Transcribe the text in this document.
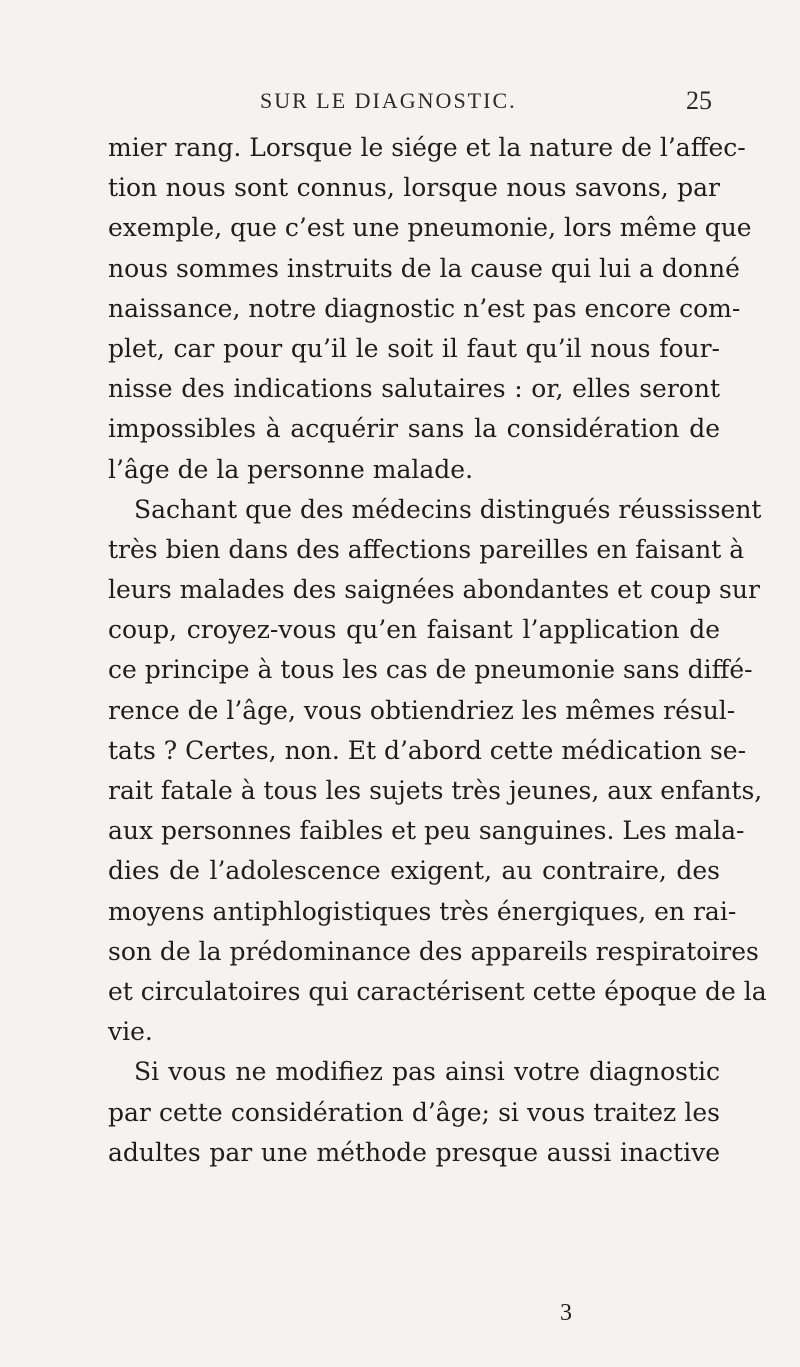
SUR LE DIAGNOSTIC.	25
mier rang. Lorsque le siége et la nature de l’affec-
tion nous sont connus, lorsque nous savons, par
exemple, que c’est une pneumonie, lors même que
nous sommes instruits de la cause qui lui a donné
naissance, notre diagnostic n’est pas encore com-
plet, car pour qu’il le soit il faut qu’il nous four-
nisse des indications salutaires : or, elles seront
impossibles à acquérir sans la considération de
l’âge de la personne malade.
Sachant que des médecins distingués réussissent
très bien dans des affections pareilles en faisant à
leurs malades des saignées abondantes et coup sur
coup, croyez-vous qu’en faisant l’application de
ce principe à tous les cas de pneumonie sans diffé-
rence de l’âge, vous obtiendriez les mêmes résul-
tats ? Certes, non. Et d’abord cette médication se-
rait fatale à tous les sujets très jeunes, aux enfants,
aux personnes faibles et peu sanguines. Les mala-
dies de l’adolescence exigent, au contraire, des
moyens antiphlogistiques très énergiques, en rai-
son de la prédominance des appareils respiratoires
et circulatoires qui caractérisent cette époque de la
vie.
Si vous ne modifiez pas ainsi votre diagnostic
par cette considération d’âge; si vous traitez les
adultes par une méthode presque aussi inactive
3
